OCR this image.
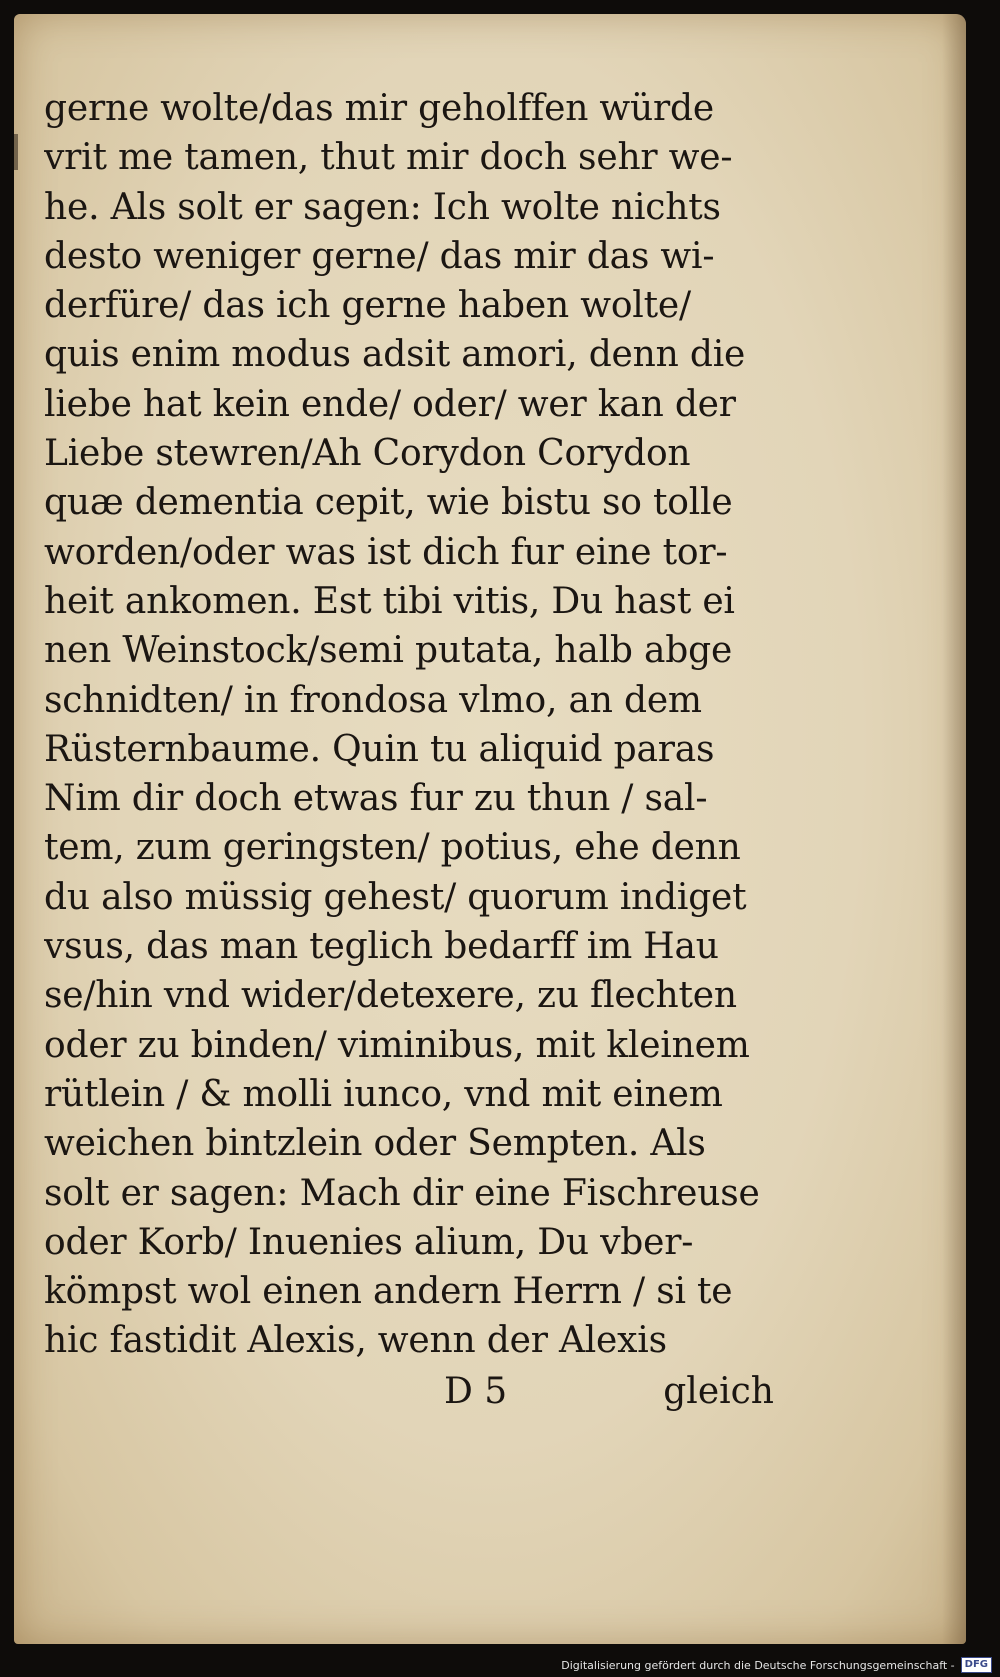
gerne wolte/das mir geholffen würde
vrit me tamen, thut mir doch sehr we-
he. Als solt er sagen: Ich wolte nichts
desto weniger gerne/ das mir das wi-
derfüre/ das ich gerne haben wolte/
quis enim modus adsit amori, denn die
liebe hat kein ende/ oder/ wer kan der
Liebe stewren/Ah Corydon Corydon
quæ dementia cepit, wie bistu so tolle
worden/oder was ist dich fur eine tor-
heit ankomen. Est tibi vitis, Du hast ei
nen Weinstock/semi putata, halb abge
schnidten/ in frondosa vlmo, an dem
Rüsternbaume. Quin tu aliquid paras
Nim dir doch etwas fur zu thun / sal-
tem, zum geringsten/ potius, ehe denn
du also müssig gehest/ quorum indiget
vsus, das man teglich bedarff im Hau
se/hin vnd wider/detexere, zu flechten
oder zu binden/ viminibus, mit kleinem
rütlein / & molli iunco, vnd mit einem
weichen bintzlein oder Sempten. Als
solt er sagen: Mach dir eine Fischreuse
oder Korb/ Inuenies alium, Du vber-
kömpst wol einen andern Herrn / si te
hic fastidit Alexis, wenn der Alexis
D 5	gleich
Digitalisierung gefördert durch die Deutsche Forschungsgemeinschaft -	DFG
